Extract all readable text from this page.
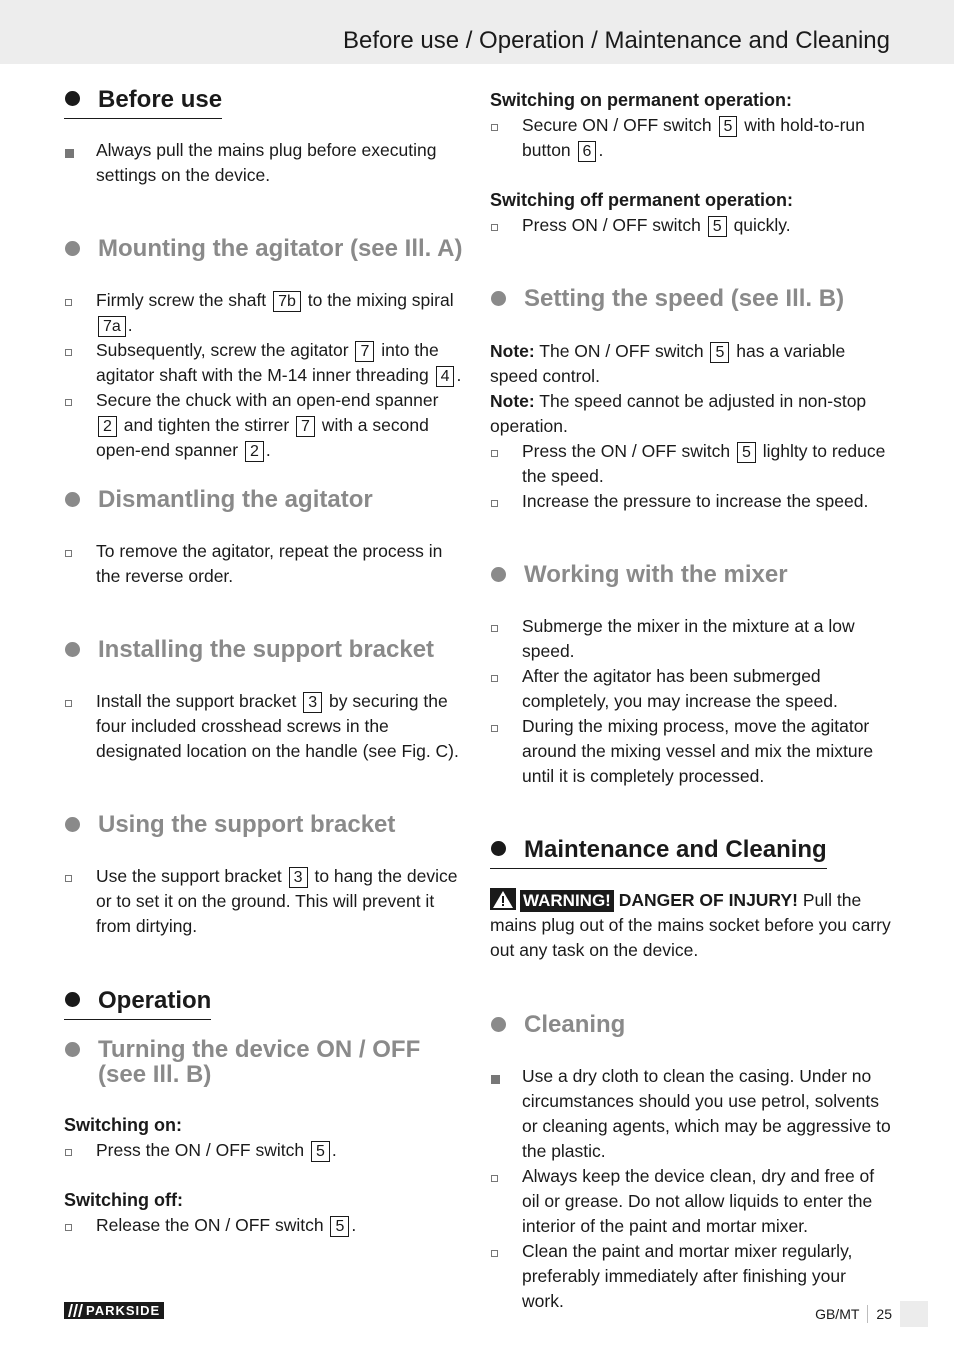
Before use / Operation / Maintenance and Cleaning
Before use
Always pull the mains plug before executing settings on the device.
Mounting the agitator (see Ill. A)
Firmly screw the shaft 7b to the mixing spiral 7a .
Subsequently, screw the agitator 7 into the agitator shaft with the M-14 inner threading 4 .
Secure the chuck with an open-end spanner 2 and tighten the stirrer 7 with a second open-end spanner 2 .
Dismantling the agitator
To remove the agitator, repeat the process in the reverse order.
Installing the support bracket
Install the support bracket 3 by securing the four included crosshead screws in the designated location on the handle (see Fig. C).
Using the support bracket
Use the support bracket 3 to hang the device or to set it on the ground. This will prevent it from dirtying.
Operation
Turning the device ON / OFF (see Ill. B)
Switching on:
Press the ON / OFF switch 5 .
Switching off:
Release the ON / OFF switch 5 .
Switching on permanent operation:
Secure ON / OFF switch 5 with hold-to-run button 6 .
Switching off permanent operation:
Press ON / OFF switch 5 quickly.
Setting the speed (see Ill. B)
Note: The ON / OFF switch 5 has a variable speed control.
Note: The speed cannot be adjusted in non-stop operation.
Press the ON / OFF switch 5 lighlty to reduce the speed.
Increase the pressure to increase the speed.
Working with the mixer
Submerge the mixer in the mixture at a low speed.
After the agitator has been submerged completely, you may increase the speed.
During the mixing process, move the agitator around the mixing vessel and mix the mixture until it is completely processed.
Maintenance and Cleaning
WARNING! DANGER OF INJURY! Pull the mains plug out of the mains socket before you carry out any task on the device.
Cleaning
Use a dry cloth to clean the casing. Under no circumstances should you use petrol, solvents or cleaning agents, which may be aggressive to the plastic.
Always keep the device clean, dry and free of oil or grease. Do not allow liquids to enter the interior of the paint and mortar mixer.
Clean the paint and mortar mixer regularly, preferably immediately after finishing your work.
PARKSIDE	GB/MT 25
